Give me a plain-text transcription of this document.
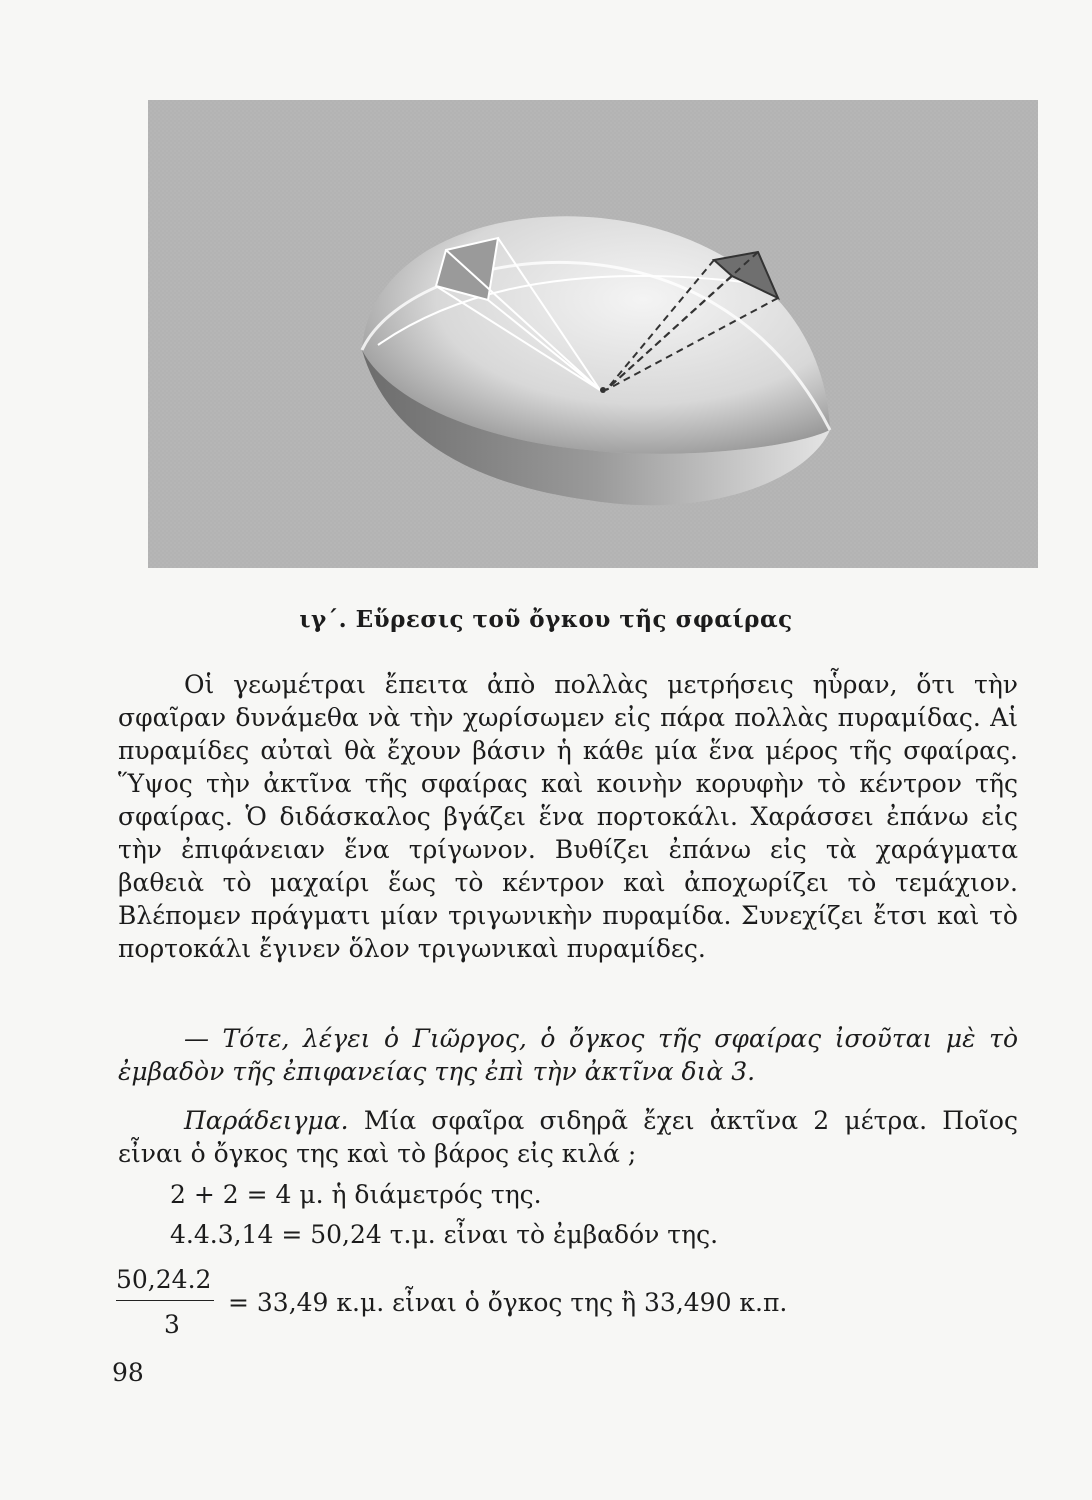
ιγ΄. Εὕρεσις τοῦ ὄγκου τῆς σφαίρας
Οἱ γεωμέτραι ἔπειτα ἀπὸ πολλὰς μετρήσεις ηὗραν, ὅτι τὴν σφαῖραν δυνάμεθα νὰ τὴν χωρίσωμεν εἰς πάρα πολλὰς πυραμίδας. Αἱ πυραμίδες αὐταὶ θὰ ἔχουν βάσιν ἡ κάθε μία ἕνα μέρος τῆς σφαίρας. Ὕψος τὴν ἀκτῖνα τῆς σφαίρας καὶ κοινὴν κορυφὴν τὸ κέντρον τῆς σφαίρας. Ὁ διδάσκαλος βγάζει ἕνα πορτοκάλι. Χαράσσει ἐπάνω εἰς τὴν ἐπιφάνειαν ἕνα τρίγωνον. Βυθίζει ἐπάνω εἰς τὰ χαράγματα βαθειὰ τὸ μαχαίρι ἕως τὸ κέντρον καὶ ἀποχωρίζει τὸ τεμάχιον. Βλέπομεν πράγματι μίαν τριγωνικὴν πυραμίδα. Συνεχίζει ἔτσι καὶ τὸ πορτοκάλι ἔγινεν ὅλον τριγωνικαὶ πυραμίδες.
— Τότε, λέγει ὁ Γιῶργος, ὁ ὄγκος τῆς σφαίρας ἰσοῦται μὲ τὸ ἐμβαδὸν τῆς ἐπιφανείας της ἐπὶ τὴν ἀκτῖνα διὰ 3.
Παράδειγμα. Μία σφαῖρα σιδηρᾶ ἔχει ἀκτῖνα 2 μέτρα. Ποῖος εἶναι ὁ ὄγκος της καὶ τὸ βάρος εἰς κιλά ;
2 + 2 = 4 μ. ἡ διάμετρός της.
4.4.3,14 = 50,24 τ.μ. εἶναι τὸ ἐμβαδόν της.
50,24.2
= 33,49 κ.μ. εἶναι ὁ ὄγκος της ἢ 33,490 κ.π.
3
98
